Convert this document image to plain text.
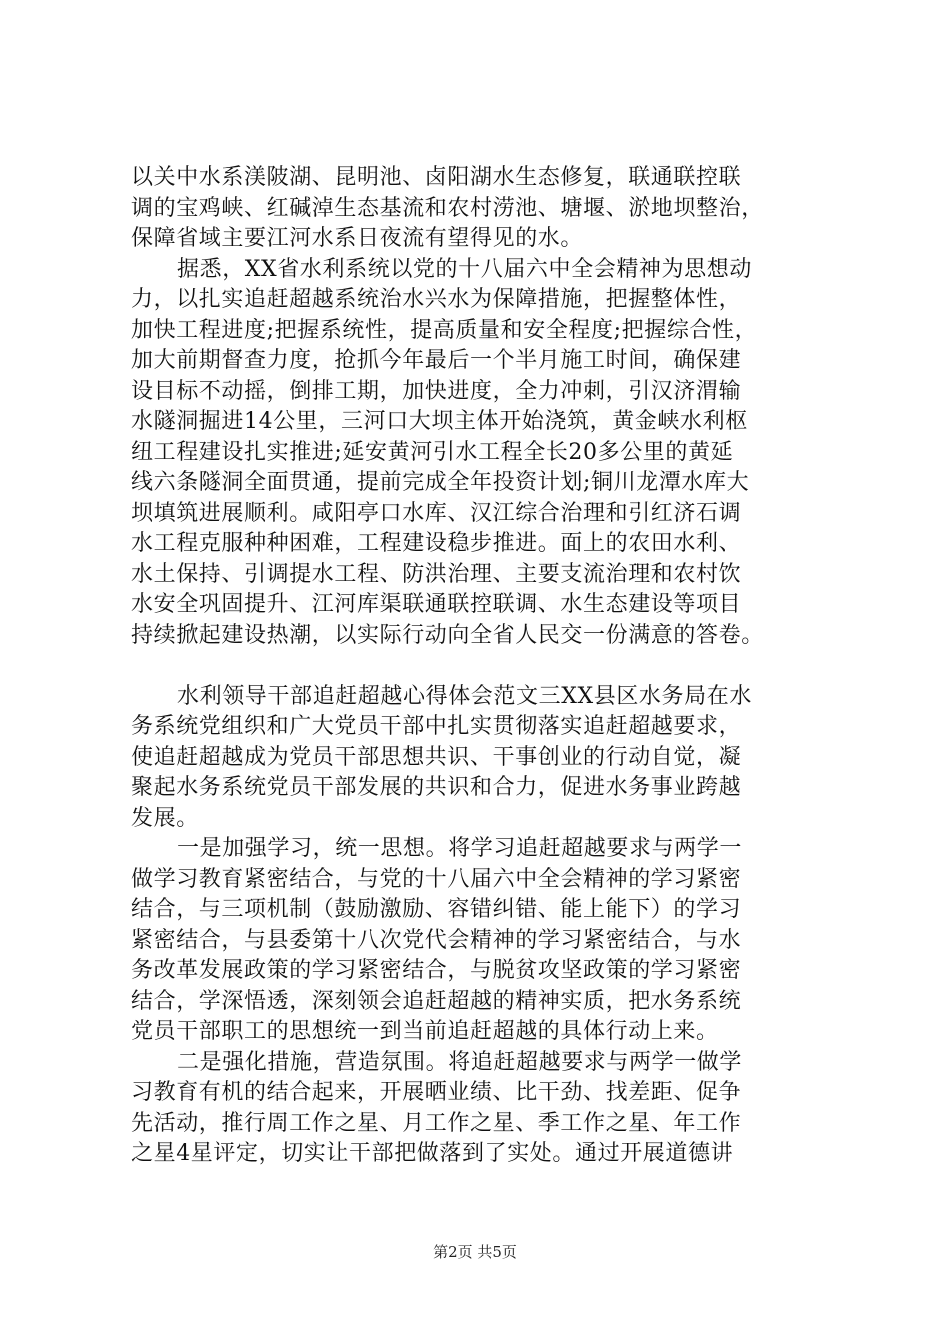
以关中水系渼陂湖、昆明池、卤阳湖水生态修复，联通联控联
调的宝鸡峡、红碱淖生态基流和农村涝池、塘堰、淤地坝整治，
保障省域主要江河水系日夜流有望得见的水。
据悉，XX省水利系统以党的十八届六中全会精神为思想动
力，以扎实追赶超越系统治水兴水为保障措施，把握整体性，
加快工程进度;把握系统性，提高质量和安全程度;把握综合性，
加大前期督查力度，抢抓今年最后一个半月施工时间，确保建
设目标不动摇，倒排工期，加快进度，全力冲刺，引汉济渭输
水隧洞掘进14公里，三河口大坝主体开始浇筑，黄金峡水利枢
纽工程建设扎实推进;延安黄河引水工程全长20多公里的黄延
线六条隧洞全面贯通，提前完成全年投资计划;铜川龙潭水库大
坝填筑进展顺利。咸阳亭口水库、汉江综合治理和引红济石调
水工程克服种种困难，工程建设稳步推进。面上的农田水利、
水土保持、引调提水工程、防洪治理、主要支流治理和农村饮
水安全巩固提升、江河库渠联通联控联调、水生态建设等项目
持续掀起建设热潮，以实际行动向全省人民交一份满意的答卷。
水利领导干部追赶超越心得体会范文三XX县区水务局在水
务系统党组织和广大党员干部中扎实贯彻落实追赶超越要求，
使追赶超越成为党员干部思想共识、干事创业的行动自觉，凝
聚起水务系统党员干部发展的共识和合力，促进水务事业跨越
发展。
一是加强学习，统一思想。将学习追赶超越要求与两学一
做学习教育紧密结合，与党的十八届六中全会精神的学习紧密
结合，与三项机制（鼓励激励、容错纠错、能上能下）的学习
紧密结合，与县委第十八次党代会精神的学习紧密结合，与水
务改革发展政策的学习紧密结合，与脱贫攻坚政策的学习紧密
结合，学深悟透，深刻领会追赶超越的精神实质，把水务系统
党员干部职工的思想统一到当前追赶超越的具体行动上来。
二是强化措施，营造氛围。将追赶超越要求与两学一做学
习教育有机的结合起来，开展晒业绩、比干劲、找差距、促争
先活动，推行周工作之星、月工作之星、季工作之星、年工作
之星4星评定，切实让干部把做落到了实处。通过开展道德讲
第2页 共5页
